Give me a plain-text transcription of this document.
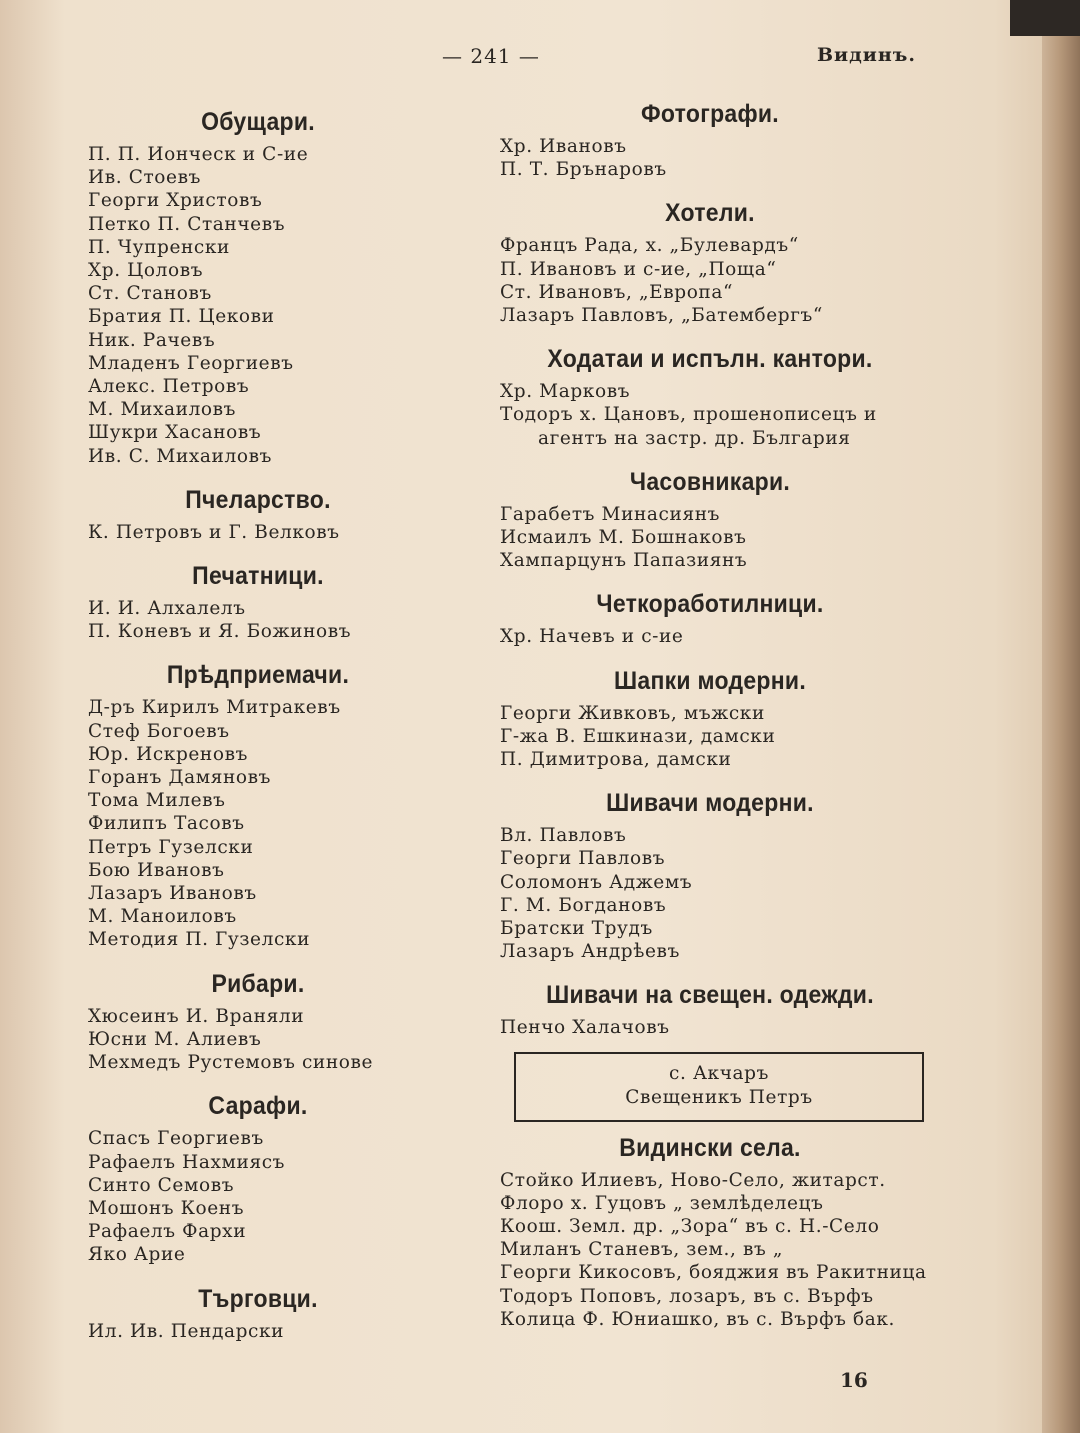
— 241 —	Видинъ.
Обущари.
П. П. Ионческ и С-ие
Ив. Стоевъ
Георги Христовъ
Петко П. Станчевъ
П. Чупренски
Хр. Цоловъ
Ст. Становъ
Братия П. Цекови
Ник. Рачевъ
Младенъ Георгиевъ
Алекс. Петровъ
М. Михаиловъ
Шукри Хасановъ
Ив. С. Михаиловъ
Пчеларство.
К. Петровъ и Г. Велковъ
Печатници.
И. И. Алхалелъ
П. Коневъ и Я. Божиновъ
Прѣдприемачи.
Д-ръ Кирилъ Митракевъ
Стеф Богоевъ
Юр. Искреновъ
Горанъ Дамяновъ
Тома Милевъ
Филипъ Тасовъ
Петръ Гузелски
Бою Ивановъ
Лазаръ Ивановъ
М. Маноиловъ
Методия П. Гузелски
Рибари.
Хюсеинъ И. Враняли
Юсни М. Алиевъ
Мехмедъ Рустемовъ синове
Сарафи.
Спасъ Георгиевъ
Рафаелъ Нахмиясъ
Синто Семовъ
Мошонъ Коенъ
Рафаелъ Фархи
Яко Арие
Търговци.
Ил. Ив. Пендарски
Фотографи.
Хр. Ивановъ
П. Т. Брънаровъ
Хотели.
Францъ Рада, х. „Булевардъ“
П. Ивановъ и с-ие, „Поща“
Ст. Ивановъ, „Европа“
Лазаръ Павловъ, „Батембергъ“
Ходатаи и испълн. кантори.
Хр. Марковъ
Тодоръ х. Цановъ, прошенописецъ и
агентъ на застр. др. България
Часовникари.
Гарабетъ Минасиянъ
Исмаилъ М. Бошнаковъ
Хампарцунъ Папазиянъ
Четкоработилници.
Хр. Начевъ и с-ие
Шапки модерни.
Георги Живковъ, мъжски
Г-жа В. Ешкинази, дамски
П. Димитрова, дамски
Шивачи модерни.
Вл. Павловъ
Георги Павловъ
Соломонъ Аджемъ
Г. М. Богдановъ
Братски Трудъ
Лазаръ Андрѣевъ
Шивачи на свещен. одежди.
Пенчо Халачовъ
с. Акчаръ
Свещеникъ Петръ
Видински села.
Стойко Илиевъ, Ново-Село, житарст.
Флоро х. Гуцовъ „ землѣделецъ
Коош. Земл. др. „Зора“ въ с. Н.-Село
Миланъ Станевъ, зем., въ „
Георги Кикосовъ, бояджия въ Ракитница
Тодоръ Поповъ, лозаръ, въ с. Върфъ
Колица Ф. Юниашко, въ с. Върфъ бак.
16
